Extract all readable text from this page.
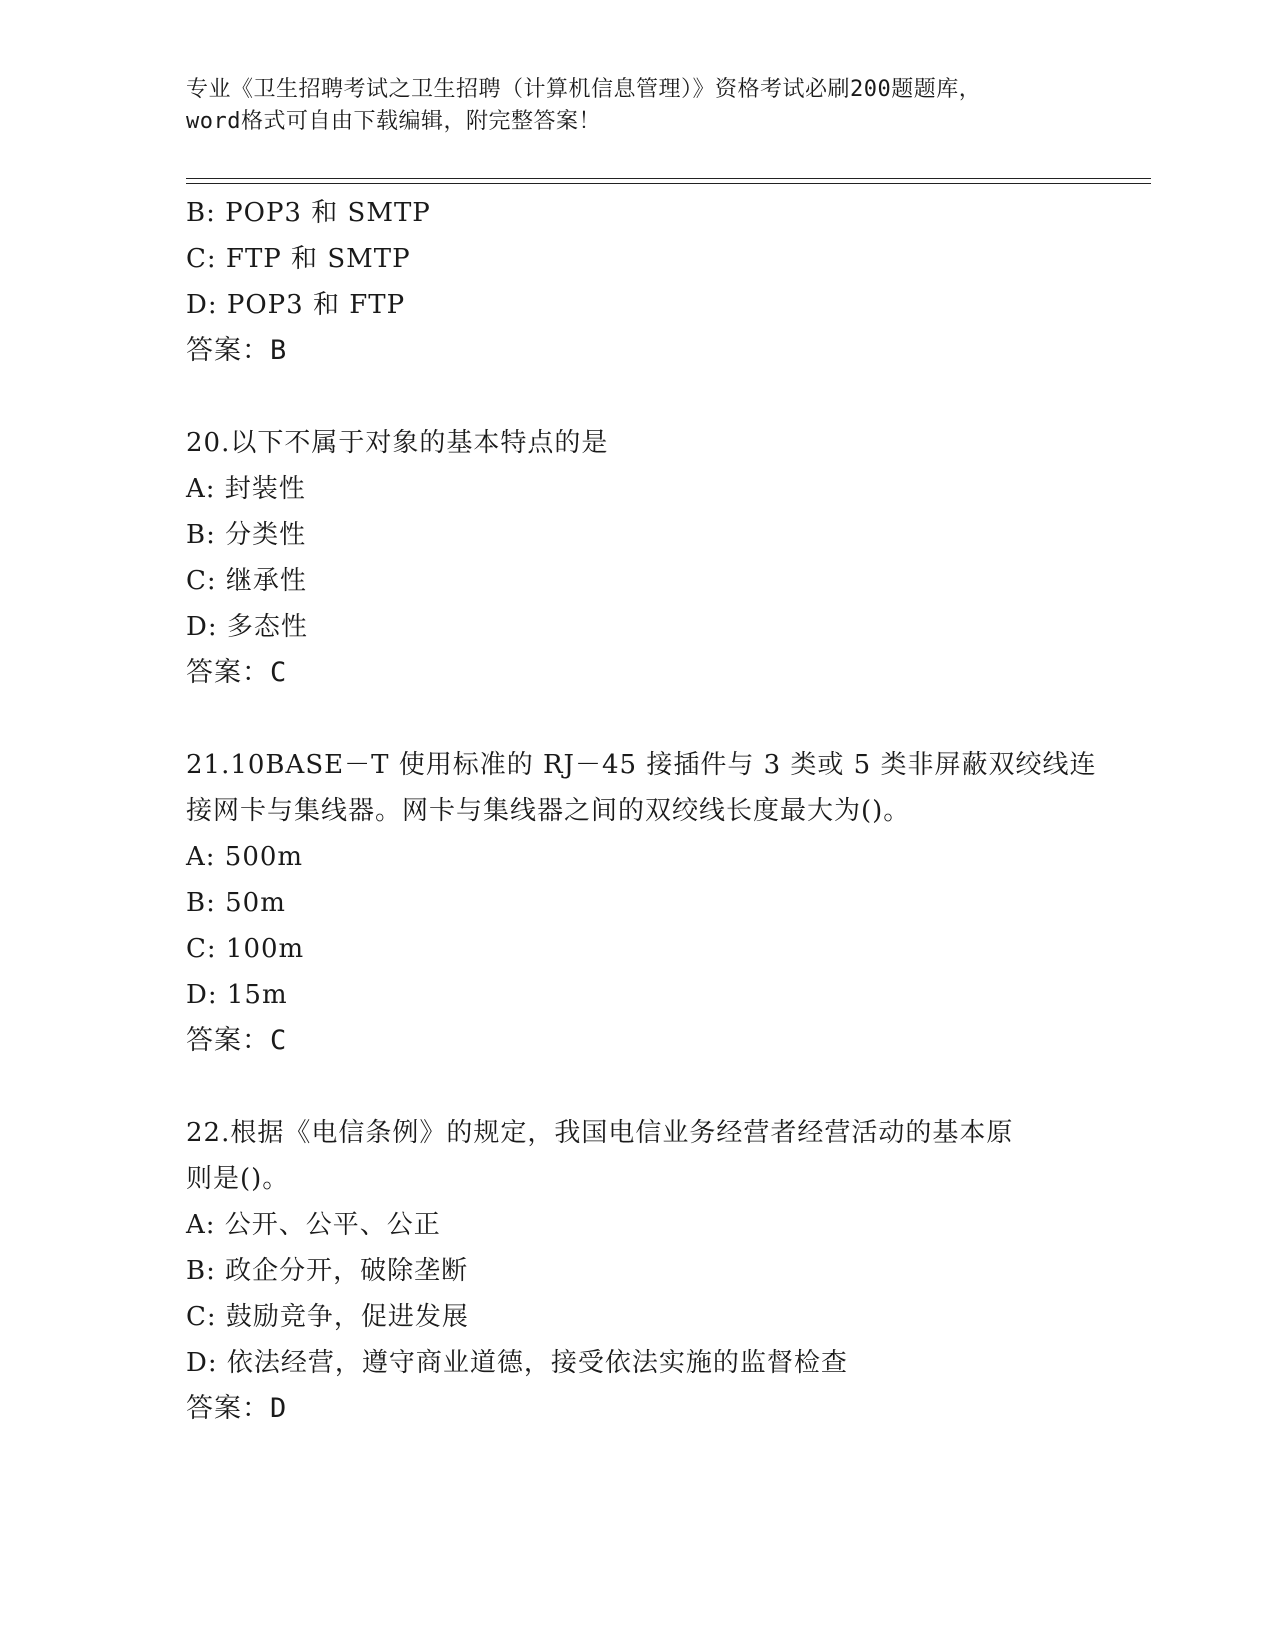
专业《卫生招聘考试之卫生招聘（计算机信息管理）》资格考试必刷200题题库，
word格式可自由下载编辑，附完整答案！
B: POP3 和 SMTP
C: FTP 和 SMTP
D: POP3 和 FTP
答案：B
20.以下不属于对象的基本特点的是
A: 封装性
B: 分类性
C: 继承性
D: 多态性
答案：C
21.10BASE－T 使用标准的 RJ－45 接插件与 3 类或 5 类非屏蔽双绞线连
接网卡与集线器。网卡与集线器之间的双绞线长度最大为()。
A: 500m
B: 50m
C: 100m
D: 15m
答案：C
22.根据《电信条例》的规定，我国电信业务经营者经营活动的基本原
则是()。
A: 公开、公平、公正
B: 政企分开，破除垄断
C: 鼓励竞争，促进发展
D: 依法经营，遵守商业道德，接受依法实施的监督检查
答案：D
